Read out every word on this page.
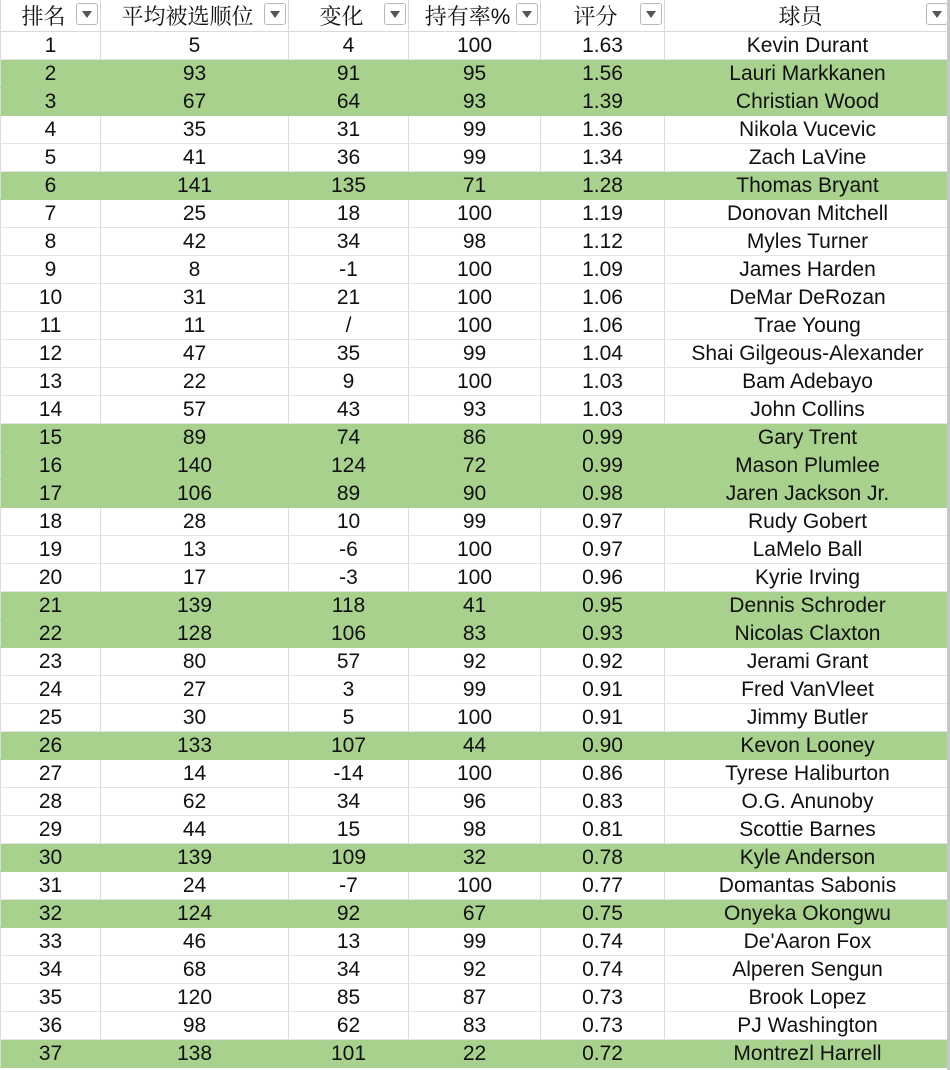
排名	平均被选顺位	变化	持有率%	评分	球员

1	5	4	100	1.63	Kevin Durant
2	93	91	95	1.56	Lauri Markkanen
3	67	64	93	1.39	Christian Wood
4	35	31	99	1.36	Nikola Vucevic
5	41	36	99	1.34	Zach LaVine
6	141	135	71	1.28	Thomas Bryant
7	25	18	100	1.19	Donovan Mitchell
8	42	34	98	1.12	Myles Turner
9	8	-1	100	1.09	James Harden
10	31	21	100	1.06	DeMar DeRozan
11	11	/	100	1.06	Trae Young
12	47	35	99	1.04	Shai Gilgeous-Alexander
13	22	9	100	1.03	Bam Adebayo
14	57	43	93	1.03	John Collins
15	89	74	86	0.99	Gary Trent
16	140	124	72	0.99	Mason Plumlee
17	106	89	90	0.98	Jaren Jackson Jr.
18	28	10	99	0.97	Rudy Gobert
19	13	-6	100	0.97	LaMelo Ball
20	17	-3	100	0.96	Kyrie Irving
21	139	118	41	0.95	Dennis Schroder
22	128	106	83	0.93	Nicolas Claxton
23	80	57	92	0.92	Jerami Grant
24	27	3	99	0.91	Fred VanVleet
25	30	5	100	0.91	Jimmy Butler
26	133	107	44	0.90	Kevon Looney
27	14	-14	100	0.86	Tyrese Haliburton
28	62	34	96	0.83	O.G. Anunoby
29	44	15	98	0.81	Scottie Barnes
30	139	109	32	0.78	Kyle Anderson
31	24	-7	100	0.77	Domantas Sabonis
32	124	92	67	0.75	Onyeka Okongwu
33	46	13	99	0.74	De'Aaron Fox
34	68	34	92	0.74	Alperen Sengun
35	120	85	87	0.73	Brook Lopez
36	98	62	83	0.73	PJ Washington
37	138	101	22	0.72	Montrezl Harrell
